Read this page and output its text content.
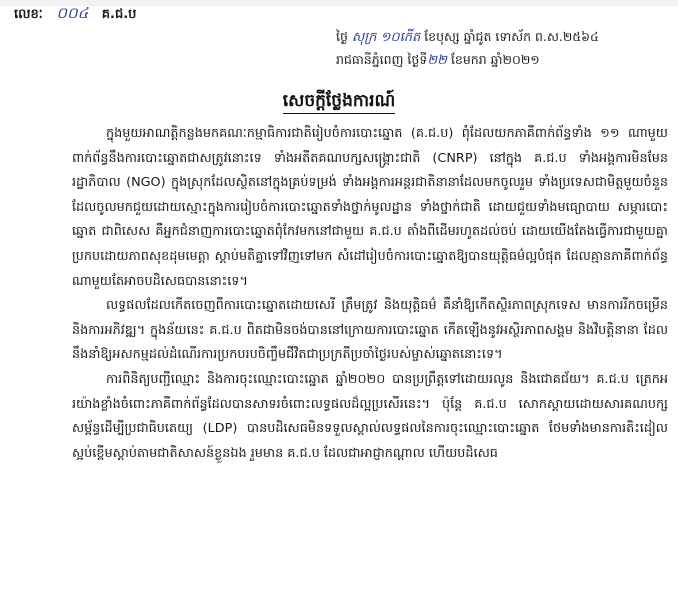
លេខៈ ០០៤ គ.ជ.ប
ថ្ងៃ សុក្រ ១០កើត ខែបុស្ស ឆ្នាំជូត ទោស័ក ព.ស.២៥៦៤
រាជធានីភ្នំពេញ ថ្ងៃទី២២ ខែមករា ឆ្នាំ២០២១
សេចក្តីថ្លែងការណ៍

ក្នុងមួយអាណត្តិកន្លងមកគណៈកម្មាធិការជាតិរៀបចំការបោះឆ្នោត (គ.ជ.ប) ពុំដែលយកភាគីពាក់ព័ន្ធទាំង ១១ ណាមួយពាក់ព័ន្ធនឹងការបោះឆ្នោតជាសត្រូវនោះទេ ទាំងអតីតគណបក្សសង្គ្រោះជាតិ (CNRP) នៅក្នុង គ.ជ.ប ទាំងអង្គការមិនមែនរដ្ឋាភិបាល (NGO) ក្នុងស្រុកដែលស្ថិតនៅក្នុងគ្រប់ទម្រង់ ទាំងអង្គការអន្តរជាតិនានាដែលមកចូលរួម ទាំងប្រទេសជាមិត្តមួយចំនួន ដែលចូលមកជួយដោយស្មោះក្នុងការរៀបចំការបោះឆ្នោតទាំងថ្នាក់មូលដ្ឋាន ទាំងថ្នាក់ជាតិ ដោយជួយទាំងមធ្យោបាយ សម្ភារបោះឆ្នោត ជាពិសេស គឺអ្នកជំនាញការបោះឆ្នោតពុំកែវមកនៅជាមួយ គ.ជ.ប តាំងពីដើមរហូតដល់ចប់ ដោយយើងតែងធ្វើការជាមួយគ្នាប្រកបដោយភាពសុខដុមមេត្តា ស្តាប់មតិគ្នាទៅវិញទៅមក សំដៅរៀបចំការបោះឆ្នោតឱ្យបានយុត្តិធម៌ល្អបំផុត ដែលគ្មានភាគីពាក់ព័ន្ធណាមួយតែអាចបដិសេធបាននោះទេ។

លទ្ធផលដែលកើតចេញពីការបោះឆ្នោតដោយសេរី ត្រឹមត្រូវ និងយុត្តិធម៌ គឺនាំឱ្យកើតស្ថិរភាពស្រុកទេស មានការរីកចម្រើន និងការអភិវឌ្ឍ។ ក្នុងន័យនេះ គ.ជ.ប ពិតជាមិនចង់បាននៅក្រោយការបោះឆ្នោត កើតឡើងនូវអស្ថិរភាពសង្គម និងវិបត្តិនានា ដែលនឹងនាំឱ្យអសកម្មដល់ដំណើរការប្រកបរបចិញ្ចឹមជីវិតជាប្រក្រតីប្រចាំថ្ងៃរបស់ម្ចាស់ឆ្នោតនោះទេ។

ការពិនិត្យបញ្ជីឈ្មោះ និងការចុះឈ្មោះបោះឆ្នោត ឆ្នាំ២០២០ បានប្រព្រឹត្តទៅដោយរលូន និងជោគជ័យ។ គ.ជ.ប ត្រេកអរយ៉ាងខ្លាំងចំពោះភាគីពាក់ព័ន្ធដែលបានសាទរចំពោះលទ្ធផលដ៏ល្អប្រសើរនេះ។ ប៉ុន្តែ គ.ជ.ប សោកស្តាយដោយសារគណបក្សសម្ព័ន្ធដើម្បីប្រជាធិបតេយ្យ (LDP) បានបដិសេធមិនទទួលស្គាល់លទ្ធផលនៃការចុះឈ្មោះបោះឆ្នោត ថែមទាំងមានការតិះដៀលស្អប់ខ្ពើមស្តាប់តាមជាតិសាសន៍ខ្លួនឯង រួមមាន គ.ជ.ប ដែលជាអាជ្ញាកណ្តាល ហើយបដិសេធ
